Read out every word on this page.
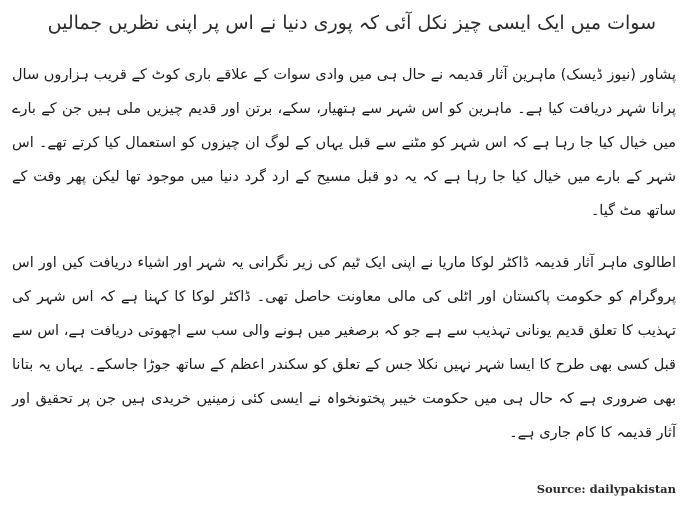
سوات میں ایک ایسی چیز نکل آئی کہ پوری دنیا نے اس پر اپنی نظریں جمالیں

پشاور (نیوز ڈیسک) ماہرین آثار قدیمہ نے حال ہی میں وادی سوات کے علاقے باری کوٹ کے قریب ہزاروں سال پرانا شہر دریافت کیا ہے۔ ماہرین کو اس شہر سے ہتھیار، سکے، برتن اور قدیم چیزیں ملی ہیں جن کے بارے میں خیال کیا جا رہا ہے کہ اس شہر کو مٹنے سے قبل یہاں کے لوگ ان چیزوں کو استعمال کیا کرتے تھے۔ اس شہر کے بارے میں خیال کیا جا رہا ہے کہ یہ دو قبل مسیح کے ارد گرد دنیا میں موجود تھا لیکن پھر وقت کے ساتھ مٹ گیا۔

اطالوی ماہر آثار قدیمہ ڈاکٹر لوکا ماریا نے اپنی ایک ٹیم کی زیر نگرانی یہ شہر اور اشیاء دریافت کیں اور اس پروگرام کو حکومت پاکستان اور اٹلی کی مالی معاونت حاصل تھی۔ ڈاکٹر لوکا کا کہنا ہے کہ اس شہر کی تہذیب کا تعلق قدیم یونانی تہذیب سے ہے جو کہ برصغیر میں ہونے والی سب سے اچھوتی دریافت ہے، اس سے قبل کسی بھی طرح کا ایسا شہر نہیں نکلا جس کے تعلق کو سکندر اعظم کے ساتھ جوڑا جاسکے۔ یہاں یہ بتانا بھی ضروری ہے کہ حال ہی میں حکومت خیبر پختونخواہ نے ایسی کئی زمینیں خریدی ہیں جن پر تحقیق اور آثار قدیمہ کا کام جاری ہے۔

Source: dailypakistan
